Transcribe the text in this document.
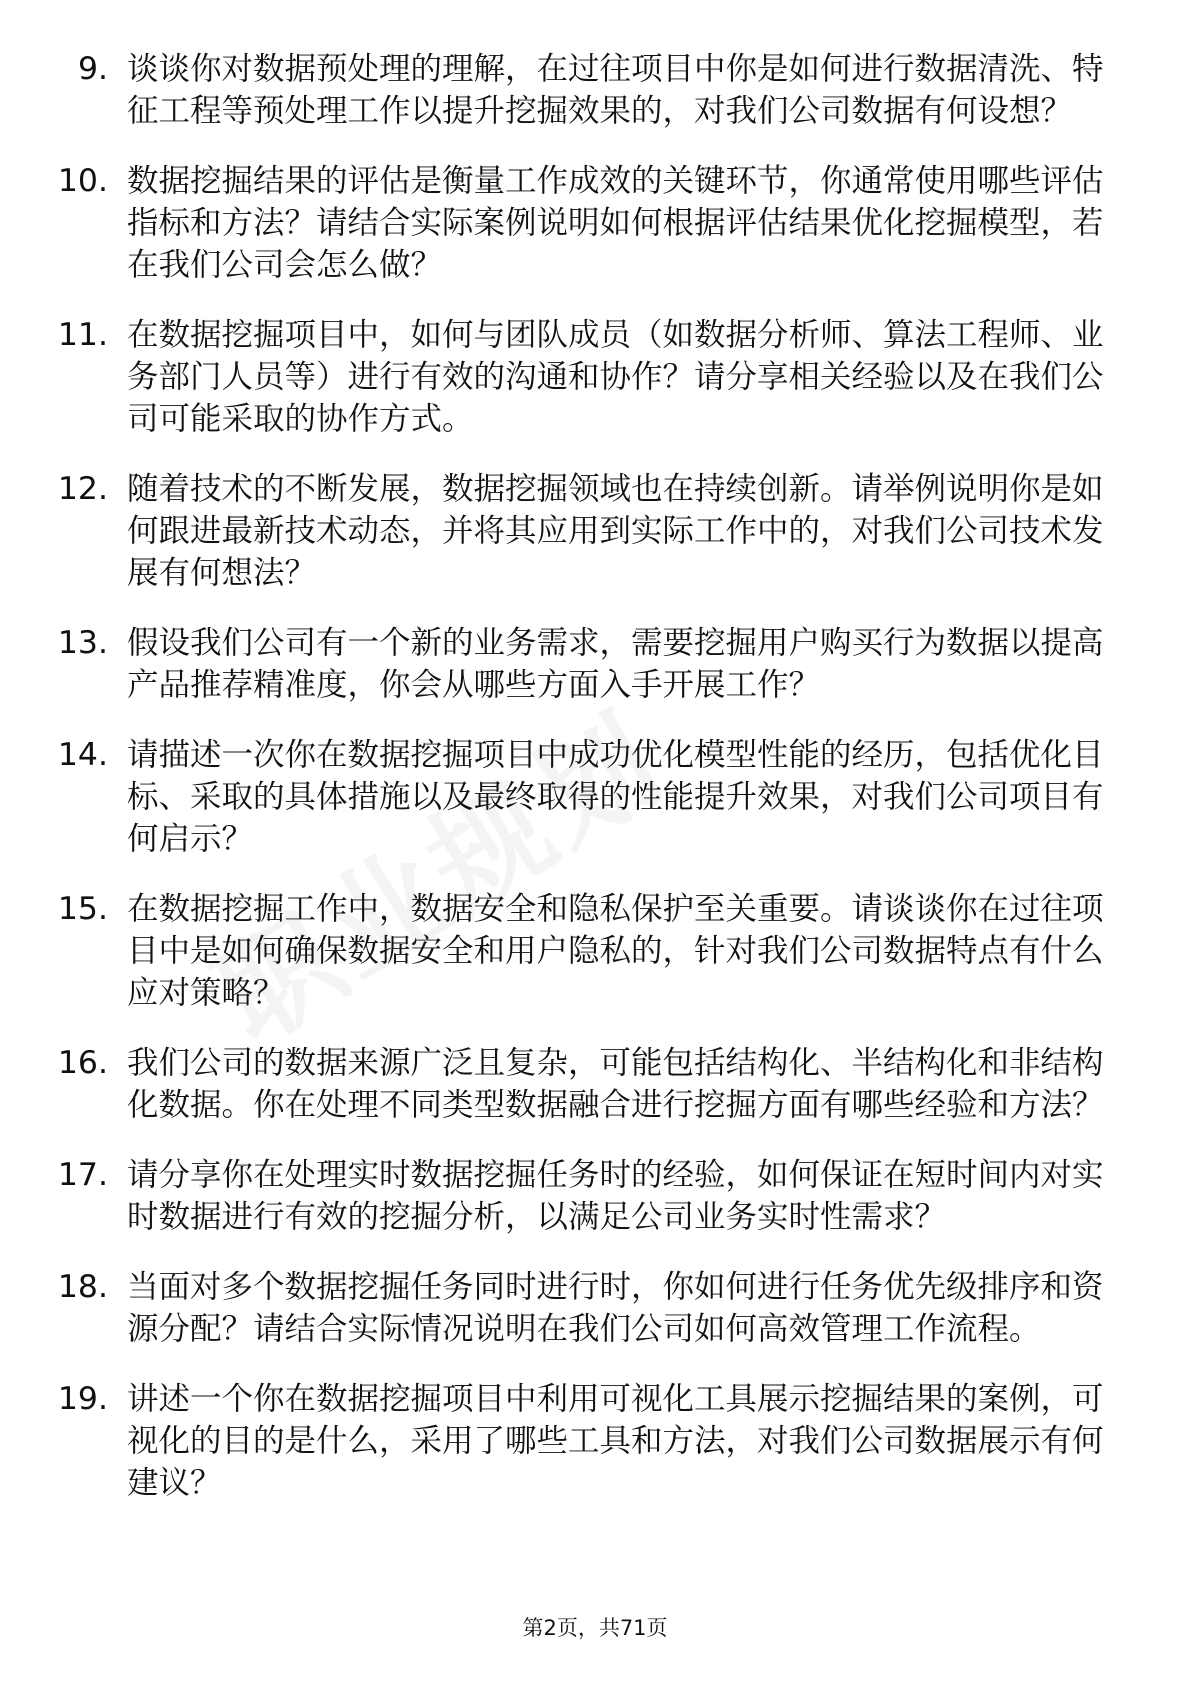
9. 谈谈你对数据预处理的理解，在过往项目中你是如何进行数据清洗、特征工程等预处理工作以提升挖掘效果的，对我们公司数据有何设想？
10. 数据挖掘结果的评估是衡量工作成效的关键环节，你通常使用哪些评估指标和方法？请结合实际案例说明如何根据评估结果优化挖掘模型，若在我们公司会怎么做？
11. 在数据挖掘项目中，如何与团队成员（如数据分析师、算法工程师、业务部门人员等）进行有效的沟通和协作？请分享相关经验以及在我们公司可能采取的协作方式。
12. 随着技术的不断发展，数据挖掘领域也在持续创新。请举例说明你是如何跟进最新技术动态，并将其应用到实际工作中的，对我们公司技术发展有何想法？
13. 假设我们公司有一个新的业务需求，需要挖掘用户购买行为数据以提高产品推荐精准度，你会从哪些方面入手开展工作？
14. 请描述一次你在数据挖掘项目中成功优化模型性能的经历，包括优化目标、采取的具体措施以及最终取得的性能提升效果，对我们公司项目有何启示？
15. 在数据挖掘工作中，数据安全和隐私保护至关重要。请谈谈你在过往项目中是如何确保数据安全和用户隐私的，针对我们公司数据特点有什么应对策略？
16. 我们公司的数据来源广泛且复杂，可能包括结构化、半结构化和非结构化数据。你在处理不同类型数据融合进行挖掘方面有哪些经验和方法？
17. 请分享你在处理实时数据挖掘任务时的经验，如何保证在短时间内对实时数据进行有效的挖掘分析，以满足公司业务实时性需求？
18. 当面对多个数据挖掘任务同时进行时，你如何进行任务优先级排序和资源分配？请结合实际情况说明在我们公司如何高效管理工作流程。
19. 讲述一个你在数据挖掘项目中利用可视化工具展示挖掘结果的案例，可视化的目的是什么，采用了哪些工具和方法，对我们公司数据展示有何建议？
第2页，共71页
